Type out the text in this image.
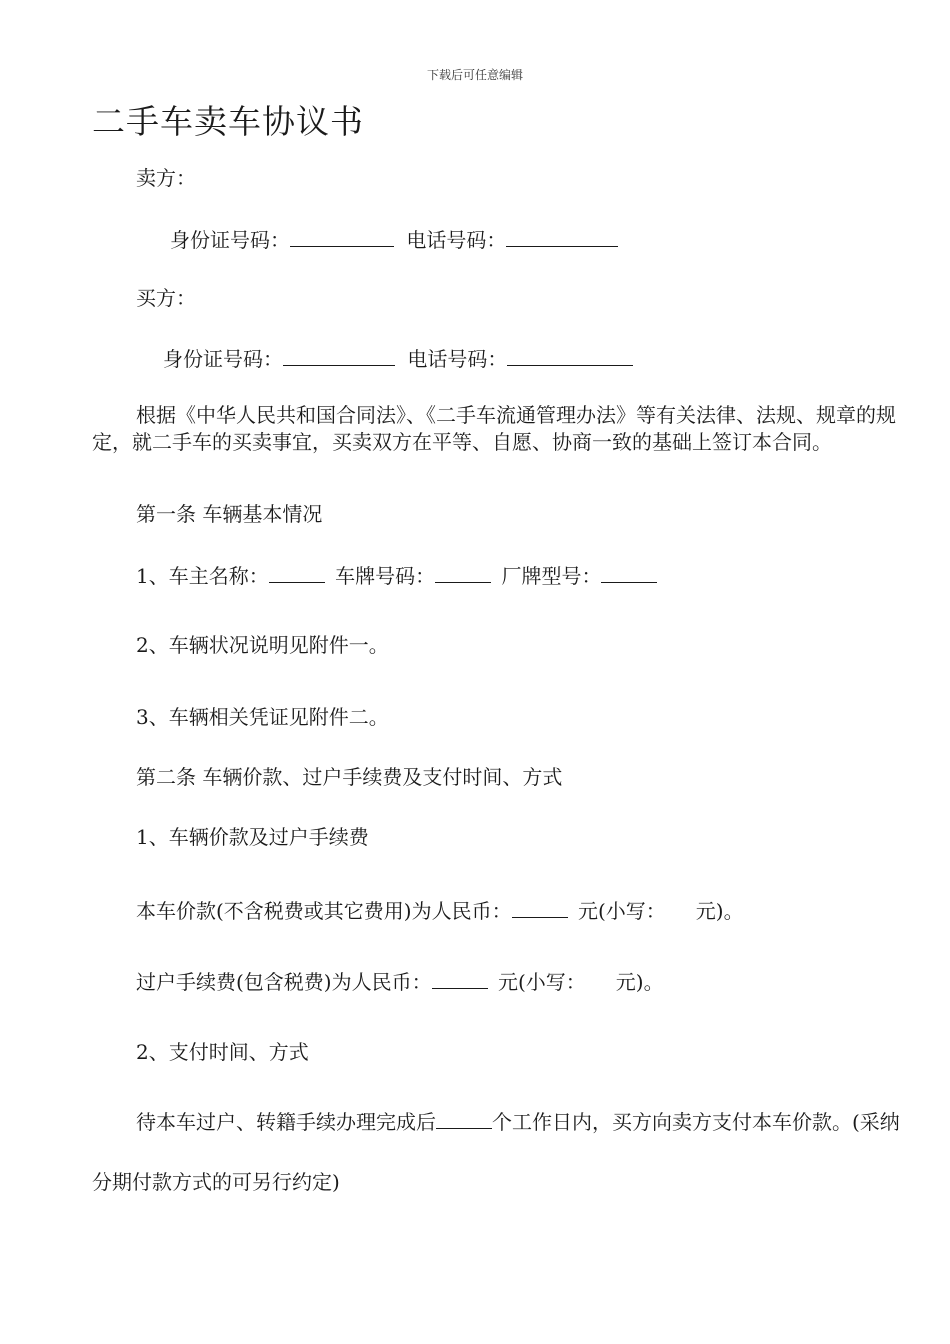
下载后可任意编辑
二手车卖车协议书
卖方：
身份证号码：	电话号码：
买方：
身份证号码：	电话号码：

根据《中华人民共和国合同法》、《二手车流通管理办法》等有关法律、法规、规章的规定，就二手车的买卖事宜，买卖双方在平等、自愿、协商一致的基础上签订本合同。

第一条 车辆基本情况
1、车主名称：	车牌号码：	厂牌型号：
2、车辆状况说明见附件一。
3、车辆相关凭证见附件二。
第二条 车辆价款、过户手续费及支付时间、方式
1、车辆价款及过户手续费
本车价款(不含税费或其它费用)为人民币：	元(小写： 元)。
过户手续费(包含税费)为人民币：	元(小写： 元)。
2、支付时间、方式

待本车过户、转籍手续办理完成后	个工作日内，买方向卖方支付本车价款。(采纳分期付款方式的可另行约定)
